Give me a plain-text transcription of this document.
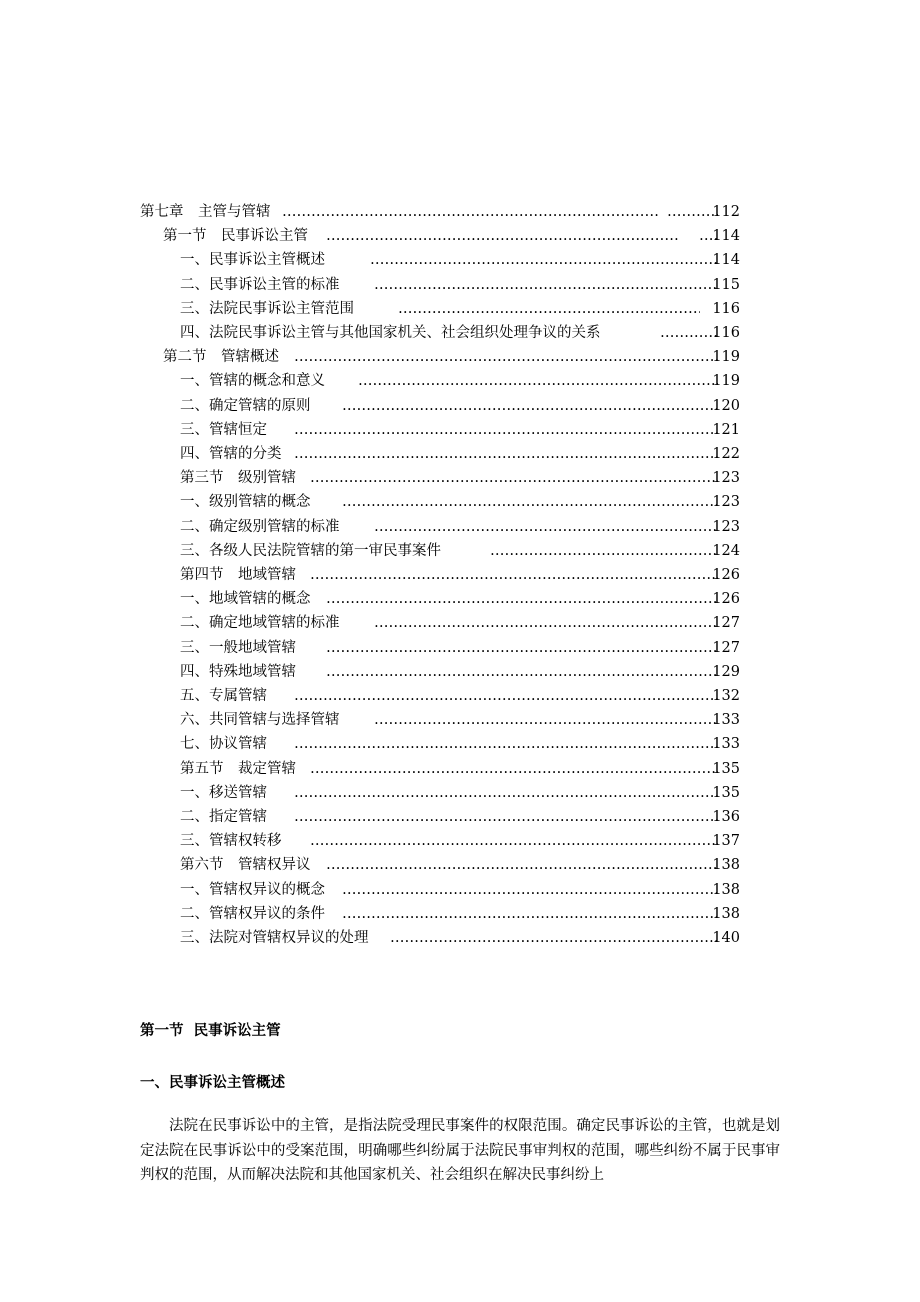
第七章　主管与管辖 ………………………………………………………………………………………………………………………………………………………………………………………………………… …………………………………………………………………………………………………………………………………………………………………………………………………………	112
第一节　民事诉讼主管 ………………………………………………………………………………………………………………………………………………………………………………………………………… …………………………………………………………………………………………………………………………………………………………………………………………………………	114
一、民事诉讼主管概述 …………………………………………………………………………………………………………………………………………………………………………………………………………	114
二、民事诉讼主管的标准 …………………………………………………………………………………………………………………………………………………………………………………………………………	115
三、法院民事诉讼主管范围 …………………………………………………………………………………………………………………………………………………………………………………………………………	116
四、法院民事诉讼主管与其他国家机关、社会组织处理争议的关系 …………………………………………………………………………………………………………………………………………………………………………………………………………	116
第二节　管辖概述 …………………………………………………………………………………………………………………………………………………………………………………………………………	119
一、管辖的概念和意义 …………………………………………………………………………………………………………………………………………………………………………………………………………	119
二、确定管辖的原则 …………………………………………………………………………………………………………………………………………………………………………………………………………	120
三、管辖恒定 …………………………………………………………………………………………………………………………………………………………………………………………………………	121
四、管辖的分类 …………………………………………………………………………………………………………………………………………………………………………………………………………	122
第三节　级别管辖 …………………………………………………………………………………………………………………………………………………………………………………………………………	123
一、级别管辖的概念 …………………………………………………………………………………………………………………………………………………………………………………………………………	123
二、确定级别管辖的标准 …………………………………………………………………………………………………………………………………………………………………………………………………………	123
三、各级人民法院管辖的第一审民事案件 …………………………………………………………………………………………………………………………………………………………………………………………………………	124
第四节　地域管辖 …………………………………………………………………………………………………………………………………………………………………………………………………………	126
一、地域管辖的概念 …………………………………………………………………………………………………………………………………………………………………………………………………………	126
二、确定地域管辖的标准 …………………………………………………………………………………………………………………………………………………………………………………………………………	127
三、一般地域管辖 …………………………………………………………………………………………………………………………………………………………………………………………………………	127
四、特殊地域管辖 …………………………………………………………………………………………………………………………………………………………………………………………………………	129
五、专属管辖 …………………………………………………………………………………………………………………………………………………………………………………………………………	132
六、共同管辖与选择管辖 …………………………………………………………………………………………………………………………………………………………………………………………………………	133
七、协议管辖 …………………………………………………………………………………………………………………………………………………………………………………………………………	133
第五节　裁定管辖 …………………………………………………………………………………………………………………………………………………………………………………………………………	135
一、移送管辖 …………………………………………………………………………………………………………………………………………………………………………………………………………	135
二、指定管辖 …………………………………………………………………………………………………………………………………………………………………………………………………………	136
三、管辖权转移 …………………………………………………………………………………………………………………………………………………………………………………………………………	137
第六节　管辖权异议 …………………………………………………………………………………………………………………………………………………………………………………………………………	138
一、管辖权异议的概念 …………………………………………………………………………………………………………………………………………………………………………………………………………	138
二、管辖权异议的条件 …………………………………………………………………………………………………………………………………………………………………………………………………………	138
三、法院对管辖权异议的处理 …………………………………………………………………………………………………………………………………………………………………………………………………………	140
第一节  民事诉讼主管
一、民事诉讼主管概述
法院在民事诉讼中的主管，是指法院受理民事案件的权限范围。确定民事诉讼的主管，也就是划定法院在民事诉讼中的受案范围，明确哪些纠纷属于法院民事审判权的范围，哪些纠纷不属于民事审判权的范围，从而解决法院和其他国家机关、社会组织在解决民事纠纷上
